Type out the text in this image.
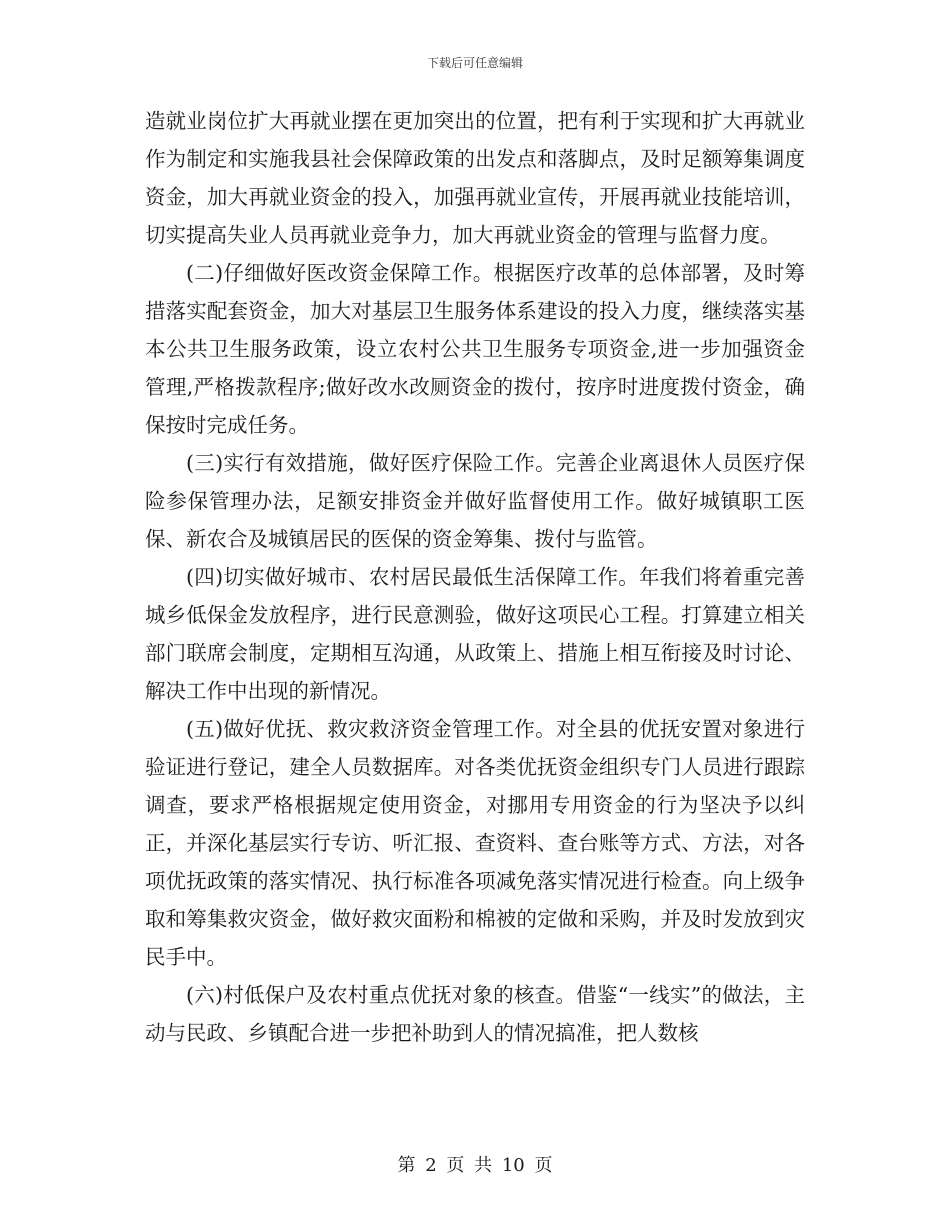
下载后可任意编辑

造就业岗位扩大再就业摆在更加突出的位置，把有利于实现和扩大再就业作为制定和实施我县社会保障政策的出发点和落脚点，及时足额筹集调度资金，加大再就业资金的投入，加强再就业宣传，开展再就业技能培训，切实提高失业人员再就业竞争力，加大再就业资金的管理与监督力度。

(二)仔细做好医改资金保障工作。根据医疗改革的总体部署，及时筹措落实配套资金，加大对基层卫生服务体系建设的投入力度，继续落实基本公共卫生服务政策，设立农村公共卫生服务专项资金,进一步加强资金管理,严格拨款程序;做好改水改厕资金的拨付，按序时进度拨付资金，确保按时完成任务。

(三)实行有效措施，做好医疗保险工作。完善企业离退休人员医疗保险参保管理办法，足额安排资金并做好监督使用工作。做好城镇职工医保、新农合及城镇居民的医保的资金筹集、拨付与监管。

(四)切实做好城市、农村居民最低生活保障工作。年我们将着重完善城乡低保金发放程序，进行民意测验，做好这项民心工程。打算建立相关部门联席会制度，定期相互沟通，从政策上、措施上相互衔接及时讨论、解决工作中出现的新情况。

(五)做好优抚、救灾救济资金管理工作。对全县的优抚安置对象进行验证进行登记，建全人员数据库。对各类优抚资金组织专门人员进行跟踪调查，要求严格根据规定使用资金，对挪用专用资金的行为坚决予以纠正，并深化基层实行专访、听汇报、查资料、查台账等方式、方法，对各项优抚政策的落实情况、执行标准各项减免落实情况进行检查。向上级争取和筹集救灾资金，做好救灾面粉和棉被的定做和采购，并及时发放到灾民手中。

(六)村低保户及农村重点优抚对象的核查。借鉴“一线实”的做法，主动与民政、乡镇配合进一步把补助到人的情况搞准，把人数核

第 2 页 共 10 页
